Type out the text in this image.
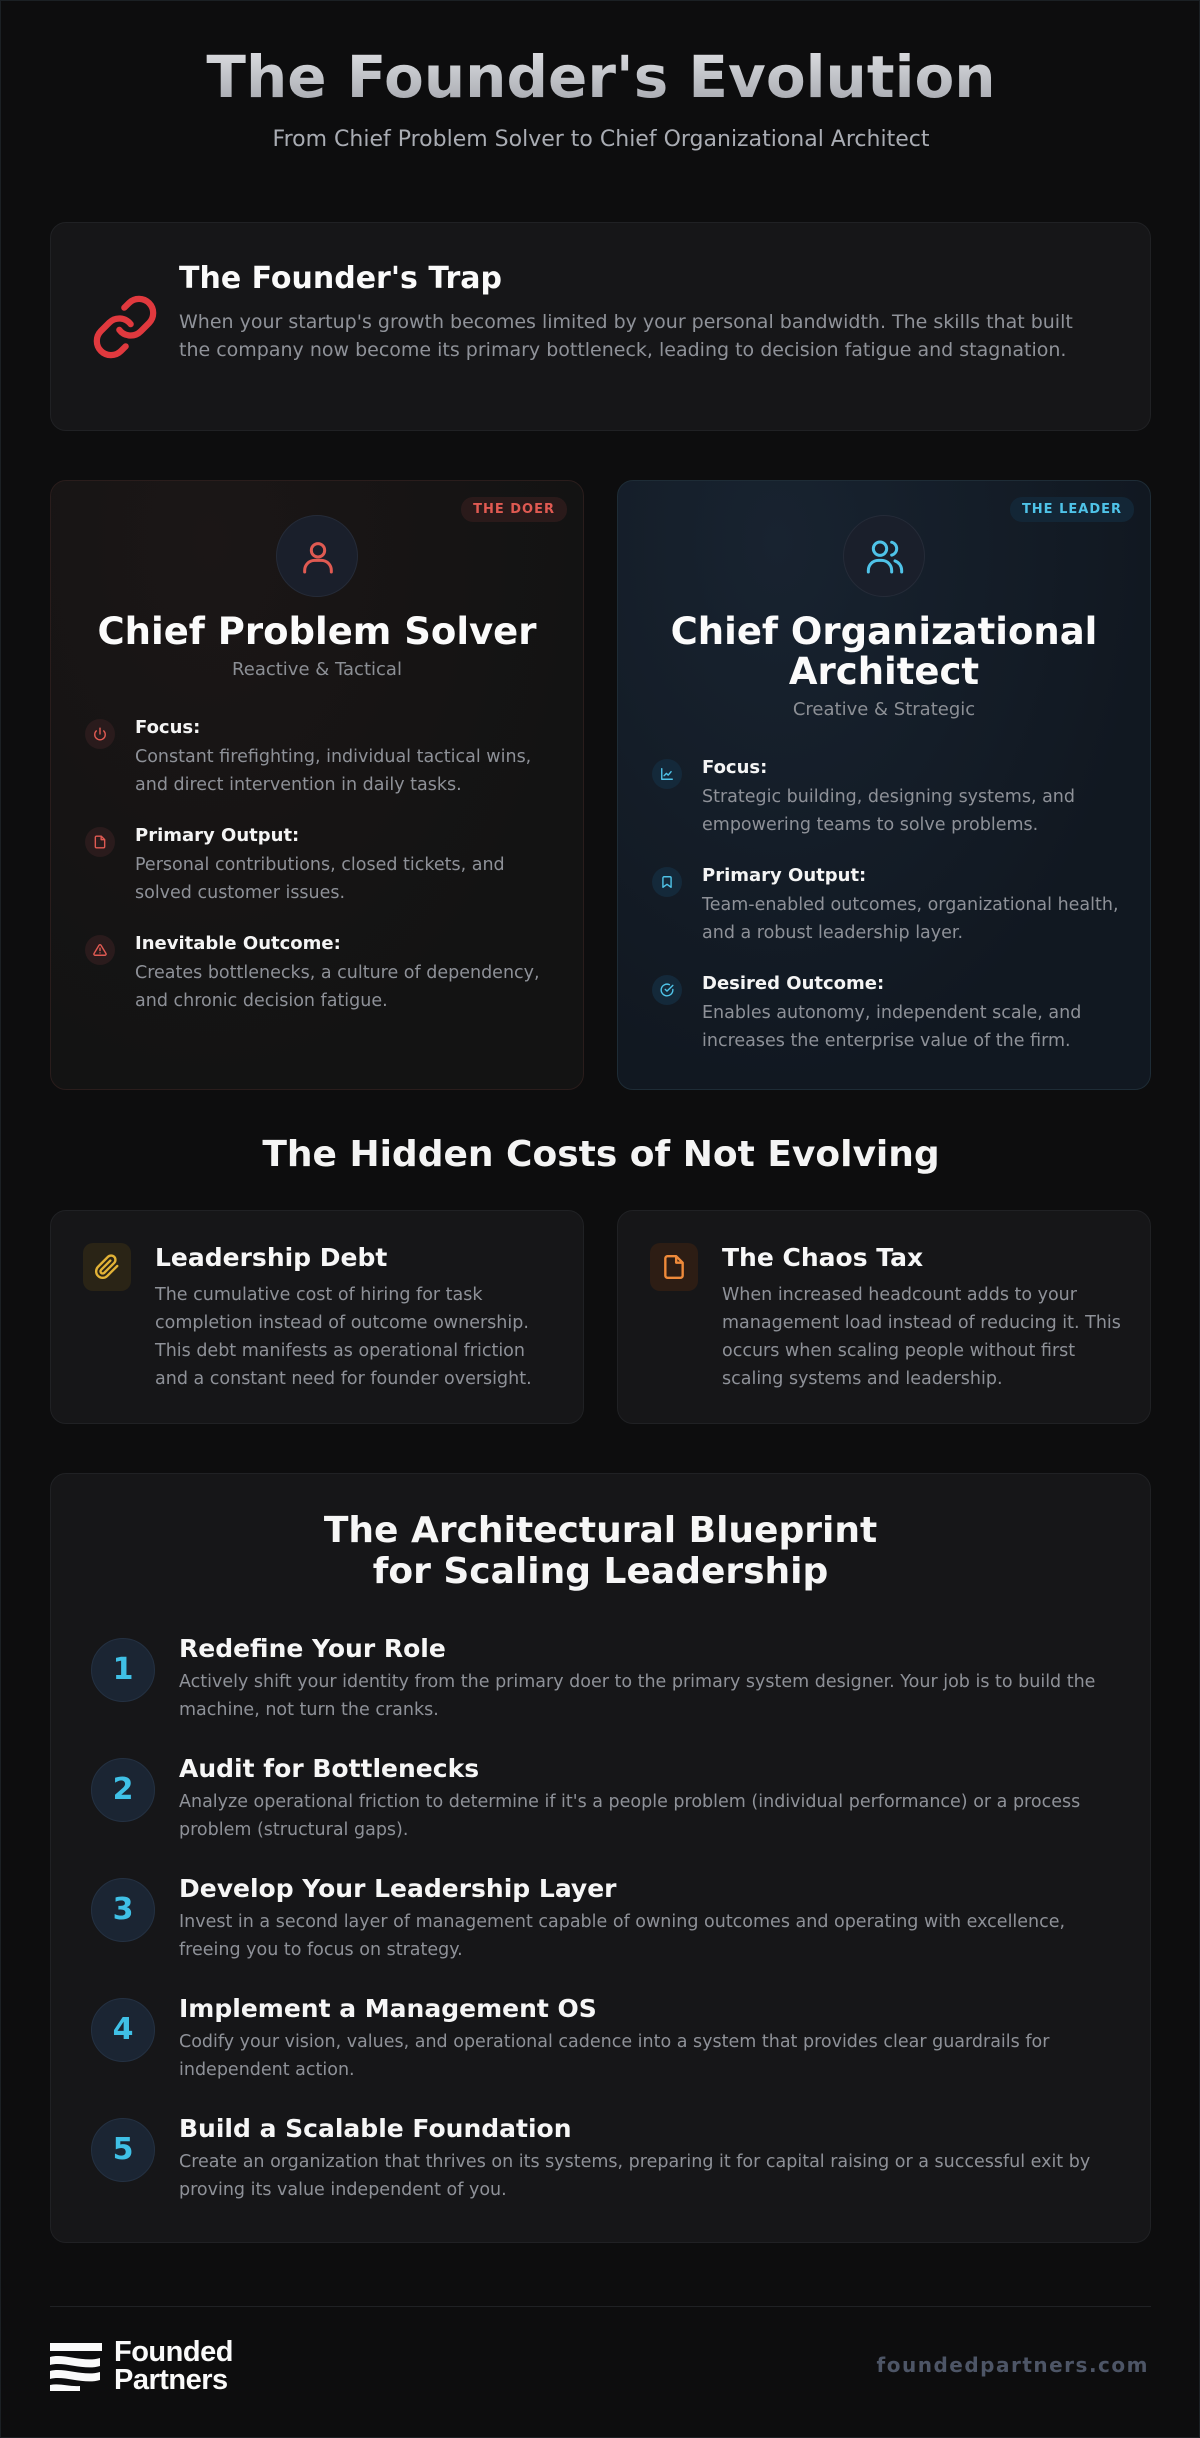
The Founder's Evolution
From Chief Problem Solver to Chief Organizational Architect
The Founder's Trap

When your startup's growth becomes limited by your personal bandwidth. The skills that built the company now become its primary bottleneck, leading to decision fatigue and stagnation.

THE DOER
Chief Problem Solver
Reactive & Tactical
Focus:
Constant firefighting, individual tactical wins, and direct intervention in daily tasks.
Primary Output:
Personal contributions, closed tickets, and solved customer issues.
Inevitable Outcome:
Creates bottlenecks, a culture of dependency, and chronic decision fatigue.
THE LEADER
Chief Organizational Architect
Creative & Strategic
Focus:
Strategic building, designing systems, and empowering teams to solve problems.
Primary Output:
Team-enabled outcomes, organizational health, and a robust leadership layer.
Desired Outcome:
Enables autonomy, independent scale, and increases the enterprise value of the firm.
The Hidden Costs of Not Evolving
Leadership Debt

The cumulative cost of hiring for task completion instead of outcome ownership. This debt manifests as operational friction and a constant need for founder oversight.

The Chaos Tax

When increased headcount adds to your management load instead of reducing it. This occurs when scaling people without first scaling systems and leadership.

The Architectural Blueprint for Scaling Leadership
1
Redefine Your Role
Actively shift your identity from the primary doer to the primary system designer. Your job is to build the machine, not turn the cranks.
2
Audit for Bottlenecks
Analyze operational friction to determine if it's a people problem (individual performance) or a process problem (structural gaps).
3
Develop Your Leadership Layer
Invest in a second layer of management capable of owning outcomes and operating with excellence, freeing you to focus on strategy.
4
Implement a Management OS
Codify your vision, values, and operational cadence into a system that provides clear guardrails for independent action.
5
Build a Scalable Foundation
Create an organization that thrives on its systems, preparing it for capital raising or a successful exit by proving its value independent of you.
Founded
Partners	foundedpartners.com
